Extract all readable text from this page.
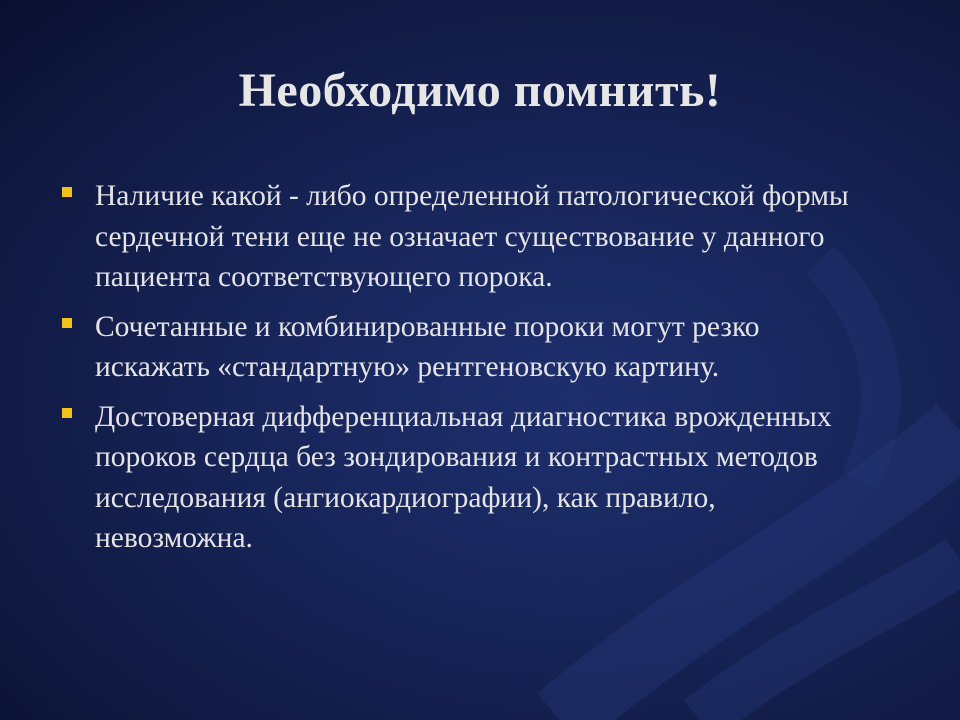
Необходимо помнить!
Наличие какой - либо определенной патологической формы сердечной тени еще не означает существование у данного пациента соответствующего порока.
Сочетанные и комбинированные пороки могут резко искажать «стандартную» рентгеновскую картину.
Достоверная дифференциальная диагностика врожденных пороков сердца без зондирования и контрастных методов исследования (ангиокардиографии), как правило, невозможна.
